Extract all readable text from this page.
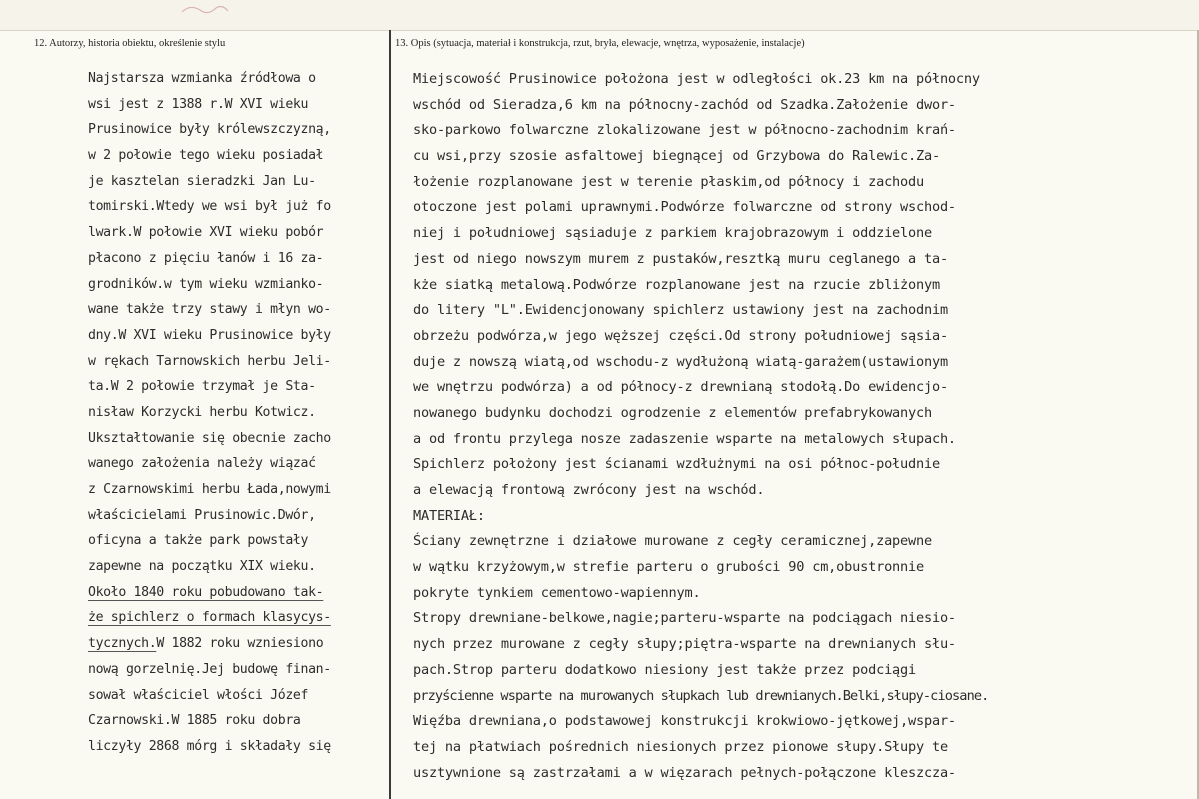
12. Autorzy, historia obiektu, określenie stylu	13. Opis (sytuacja, materiał i konstrukcja, rzut, bryła, elewacje, wnętrza, wyposażenie, instalacje)
Najstarsza wzmianka źródłowa o
wsi jest z 1388 r.W XVI wieku
Prusinowice były królewszczyzną,
w 2 połowie tego wieku posiadał
je kasztelan sieradzki Jan Lu-
tomirski.Wtedy we wsi był już fo
lwark.W połowie XVI wieku pobór
płacono z pięciu łanów i 16 za-
grodników.w tym wieku wzmianko-
wane także trzy stawy i młyn wo-
dny.W XVI wieku Prusinowice były
w rękach Tarnowskich herbu Jeli-
ta.W 2 połowie trzymał je Sta-
nisław Korzycki herbu Kotwicz.
Ukształtowanie się obecnie zacho
wanego założenia należy wiązać
z Czarnowskimi herbu Łada,nowymi
właścicielami Prusinowic.Dwór,
oficyna a także park powstały
zapewne na początku XIX wieku.
Około 1840 roku pobudowano tak-
że spichlerz o formach klasycys-
tycznych.W 1882 roku wzniesiono
nową gorzelnię.Jej budowę finan-
sował właściciel włości Józef
Czarnowski.W 1885 roku dobra
liczyły 2868 mórg i składały się
Miejscowość Prusinowice położona jest w odległości ok.23 km na północny
wschód od Sieradza,6 km na północny-zachód od Szadka.Założenie dwor-
sko-parkowo folwarczne zlokalizowane jest w północno-zachodnim krań-
cu wsi,przy szosie asfaltowej biegnącej od Grzybowa do Ralewic.Za-
łożenie rozplanowane jest w terenie płaskim,od północy i zachodu
otoczone jest polami uprawnymi.Podwórze folwarczne od strony wschod-
niej i południowej sąsiaduje z parkiem krajobrazowym i oddzielone
jest od niego nowszym murem z pustaków,resztką muru ceglanego a ta-
kże siatką metalową.Podwórze rozplanowane jest na rzucie zbliżonym
do litery "L".Ewidencjonowany spichlerz ustawiony jest na zachodnim
obrzeżu podwórza,w jego węższej części.Od strony południowej sąsia-
duje z nowszą wiatą,od wschodu-z wydłużoną wiatą-garażem(ustawionym
we wnętrzu podwórza) a od północy-z drewnianą stodołą.Do ewidencjo-
nowanego budynku dochodzi ogrodzenie z elementów prefabrykowanych
a od frontu przylega nosze zadaszenie wsparte na metalowych słupach.
Spichlerz położony jest ścianami wzdłużnymi na osi północ-południe
a elewacją frontową zwrócony jest na wschód.
MATERIAŁ:
Ściany zewnętrzne i działowe murowane z cegły ceramicznej,zapewne
w wątku krzyżowym,w strefie parteru o grubości 90 cm,obustronnie
pokryte tynkiem cementowo-wapiennym.
Stropy drewniane-belkowe,nagie;parteru-wsparte na podciągach niesio-
nych przez murowane z cegły słupy;piętra-wsparte na drewnianych słu-
pach.Strop parteru dodatkowo niesiony jest także przez podciągi
przyścienne wsparte na murowanych słupkach lub drewnianych.Belki,słupy-ciosane.
Więźba drewniana,o podstawowej konstrukcji krokwiowo-jętkowej,wspar-
tej na płatwiach pośrednich niesionych przez pionowe słupy.Słupy te
usztywnione są zastrzałami a w więzarach pełnych-połączone kleszcza-
